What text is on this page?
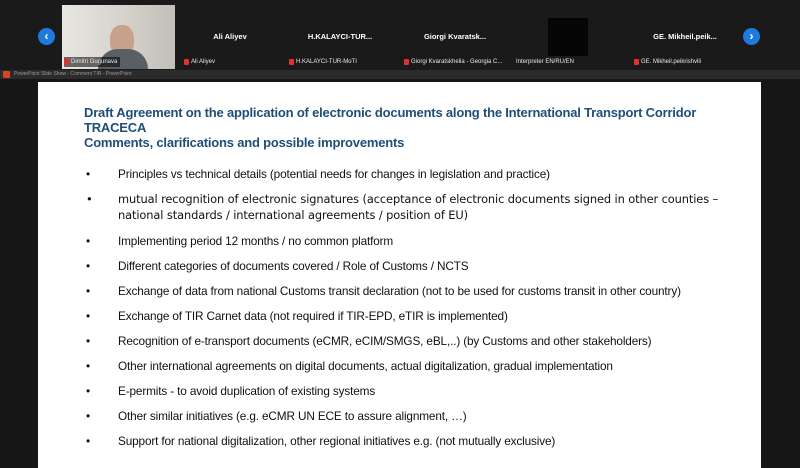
‹
Dimitri Gugunava
Ali Aliyev
Ali Aliyev
H.KALAYCI-TUR...
H.KALAYCI-TUR-MoTI
Giorgi Kvaratsk...
Giorgi Kvaratskhelia - Georgia C... Interpreter EN/RU/EN
GE. Mikheil.peik...
GE. Mikheil.peikrishvili
›
PowerPoint Slide Show - Comment TIR - PowerPoint
Draft Agreement on the application of electronic documents along the International Transport Corridor TRACECA
Comments, clarifications and possible improvements
• Principles vs technical details (potential needs for changes in legislation and practice)
• mutual recognition of electronic signatures (acceptance of electronic documents signed in other counties – national standards / international agreements / position of EU)
• Implementing period 12 months / no common platform
• Different categories of documents covered / Role of Customs / NCTS
• Exchange of data from national Customs transit declaration (not to be used for customs transit in other country)
• Exchange of TIR Carnet data (not required if TIR-EPD, eTIR is implemented)
• Recognition of e-transport documents (eCMR, eCIM/SMGS, eBL,..) (by Customs and other stakeholders)
• Other international agreements on digital documents, actual digitalization, gradual implementation
• E-permits - to avoid duplication of existing systems
• Other similar initiatives (e.g. eCMR UN ECE to assure alignment, …)
• Support for national digitalization, other regional initiatives e.g. (not mutually exclusive)
